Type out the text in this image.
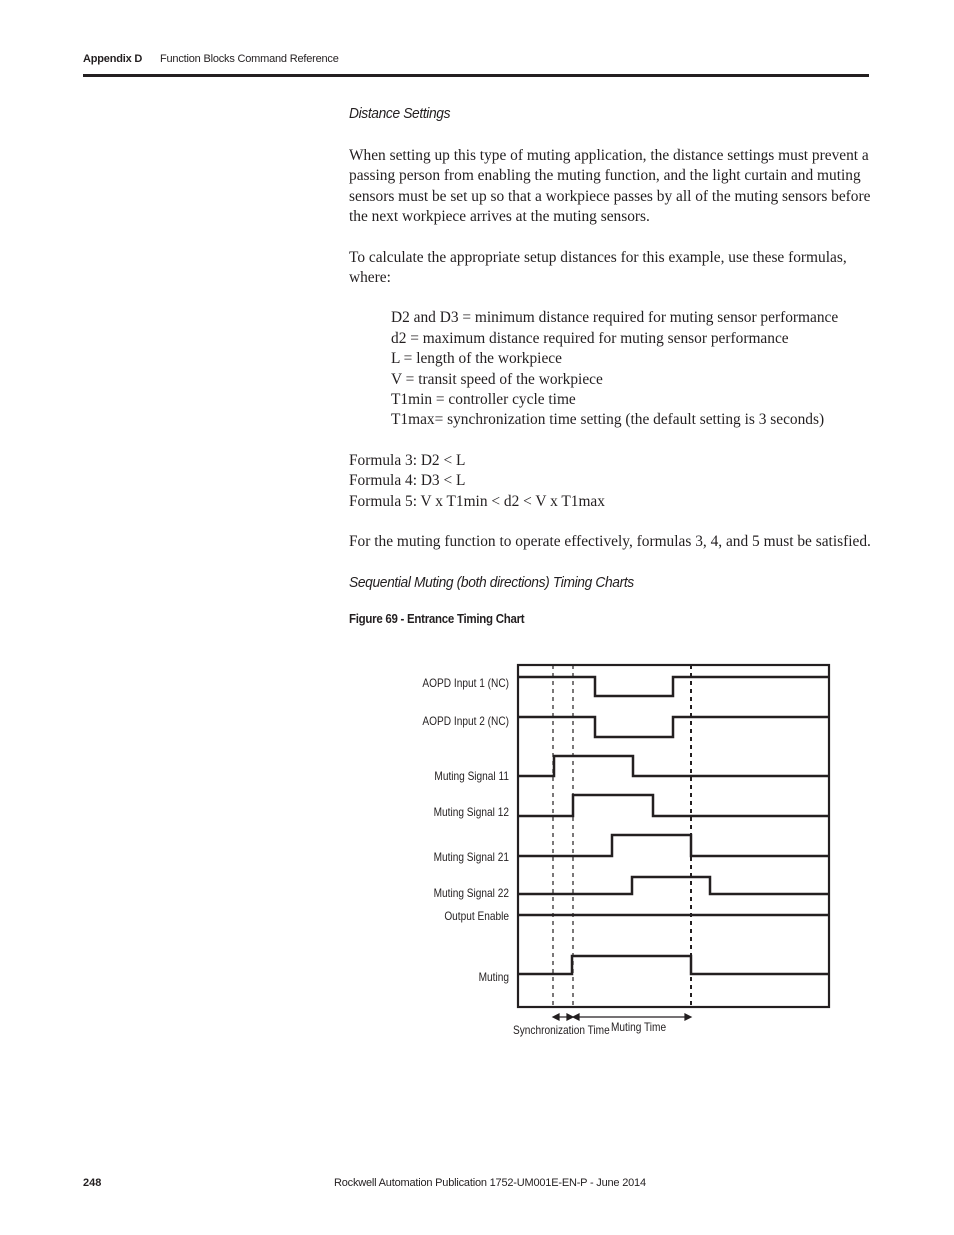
Appendix D Function Blocks Command Reference
Distance Settings

When setting up this type of muting application, the distance settings must prevent a passing person from enabling the muting function, and the light curtain and muting sensors must be set up so that a workpiece passes by all of the muting sensors before the next workpiece arrives at the muting sensors.

To calculate the appropriate setup distances for this example, use these formulas, where:

D2 and D3 = minimum distance required for muting sensor performance
d2 = maximum distance required for muting sensor performance
L = length of the workpiece
V = transit speed of the workpiece
T1min = controller cycle time
T1max= synchronization time setting (the default setting is 3 seconds)
Formula 3: D2 < L
Formula 4: D3 < L
Formula 5: V x T1min < d2 < V x T1max

For the muting function to operate effectively, formulas 3, 4, and 5 must be satisfied.

Sequential Muting (both directions) Timing Charts
Figure 69 - Entrance Timing Chart
AOPD Input 1 (NC)
AOPD Input 2 (NC)
Muting Signal 11
Muting Signal 12
Muting Signal 21
Muting Signal 22
Output Enable
Muting
Synchronization Time Muting Time
248	Rockwell Automation Publication 1752-UM001E-EN-P - June 2014
